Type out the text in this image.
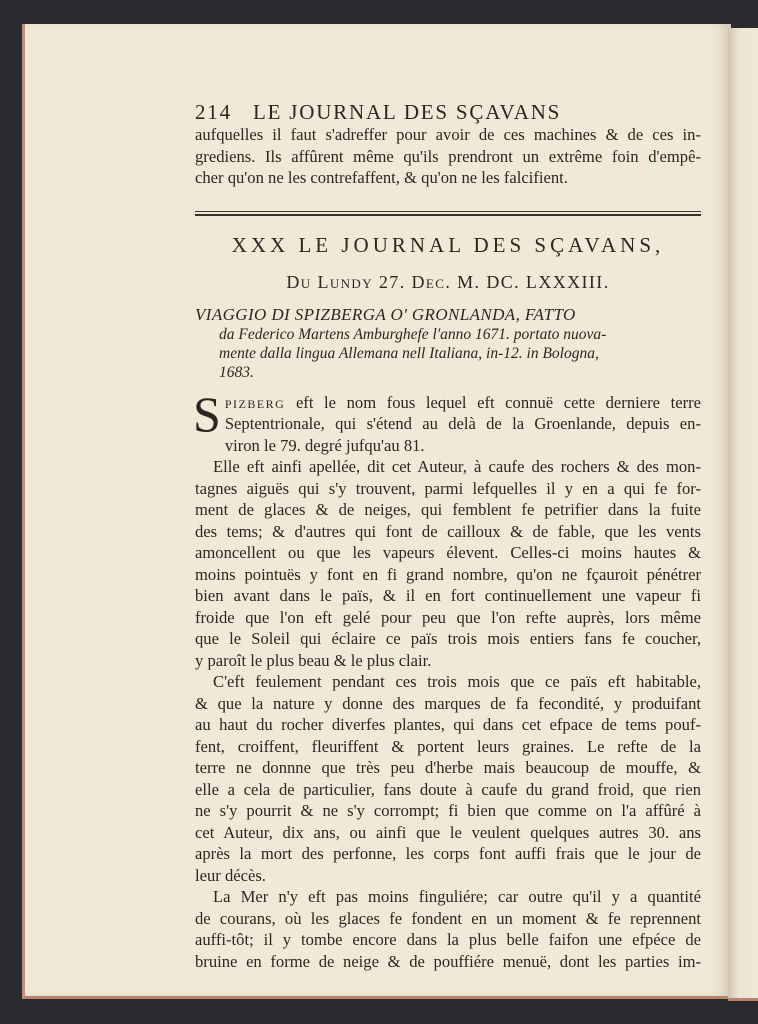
214 LE JOURNAL DES SÇAVANS

aufquelles il faut s'adreffer pour avoir de ces machines & de ces in-

grediens. Ils affûrent même qu'ils prendront un extrême foin d'empê-

cher qu'on ne les contrefaffent, & qu'on ne les falcifient.

XXX LE JOURNAL DES SÇAVANS,
Du Lundy 27. Dec. M. DC. LXXXIII.
VIAGGIO DI SPIZBERGA O' GRONLANDA, FATTO
da Federico Martens Amburghefe l'anno 1671. portato nuova-
mente dalla lingua Allemana nell Italiana, in-12. in Bologna,
1683.
S pizberg eft le nom fous lequel eft connuë cette derniere terre

Septentrionale, qui s'étend au delà de la Groenlande, depuis en-

viron le 79. degré jufqu'au 81.

Elle eft ainfi apellée, dit cet Auteur, à caufe des rochers & des mon-

tagnes aiguës qui s'y trouvent, parmi lefquelles il y en a qui fe for-

ment de glaces & de neiges, qui femblent fe petrifier dans la fuite

des tems; & d'autres qui font de cailloux & de fable, que les vents

amoncellent ou que les vapeurs élevent. Celles-ci moins hautes &

moins pointuës y font en fi grand nombre, qu'on ne fçauroit pénétrer

bien avant dans le païs, & il en fort continuellement une vapeur fi

froide que l'on eft gelé pour peu que l'on refte auprès, lors même

que le Soleil qui éclaire ce païs trois mois entiers fans fe coucher,

y paroît le plus beau & le plus clair.

C'eft feulement pendant ces trois mois que ce païs eft habitable,

& que la nature y donne des marques de fa fecondité, y produifant

au haut du rocher diverfes plantes, qui dans cet efpace de tems pouf-

fent, croiffent, fleuriffent & portent leurs graines. Le refte de la

terre ne donnne que très peu d'herbe mais beaucoup de mouffe, &

elle a cela de particulier, fans doute à caufe du grand froid, que rien

ne s'y pourrit & ne s'y corrompt; fi bien que comme on l'a affûré à

cet Auteur, dix ans, ou ainfi que le veulent quelques autres 30. ans

après la mort des perfonne, les corps font auffi frais que le jour de

leur décès.

La Mer n'y eft pas moins finguliére; car outre qu'il y a quantité

de courans, où les glaces fe fondent en un moment & fe reprennent

auffi-tôt; il y tombe encore dans la plus belle faifon une efpéce de

bruine en forme de neige & de pouffiére menuë, dont les parties im-
